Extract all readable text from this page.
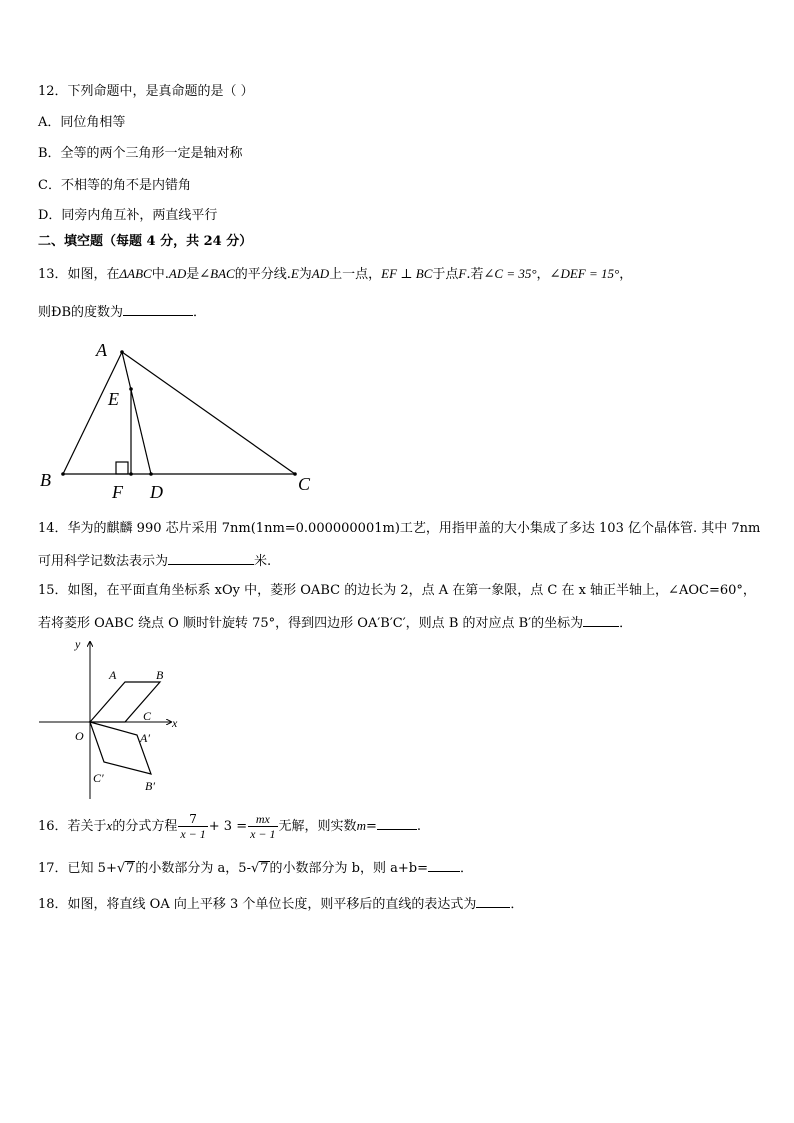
12．下列命题中，是真命题的是（ ）
A．同位角相等
B．全等的两个三角形一定是轴对称
C．不相等的角不是内错角
D．同旁内角互补，两直线平行
二、填空题（每题 4 分，共 24 分）
13．如图，在ΔABC中.AD是∠BAC的平分线.E为AD上一点，EF ⊥ BC于点F.若∠C = 35°，∠DEF = 15°，
则ÐB的度数为	．
A
E
B
F D	C
14．华为的麒麟 990 芯片采用 7nm(1nm=0.000000001m)工艺，用指甲盖的大小集成了多达 103 亿个晶体管. 其中 7nm
可用科学记数法表示为	米.
15．如图，在平面直角坐标系 xOy 中，菱形 OABC 的边长为 2，点 A 在第一象限，点 C 在 x 轴正半轴上，∠AOC=60°，
若将菱形 OABC 绕点 O 顺时针旋转 75°，得到四边形 OA′B′C′，则点 B 的对应点 B′的坐标为	．
y
x
O
A	B
C
A′
B′
C′
16．若关于x的分式方程 $\frac{7}{x - 1} + 3 = \frac{mx}{x - 1}$ 无解，则实数m=	.
17．已知 5+√7的小数部分为 a，5-√7的小数部分为 b，则 a+b= ．
18．如图，将直线 OA 向上平移 3 个单位长度，则平移后的直线的表达式为	．
